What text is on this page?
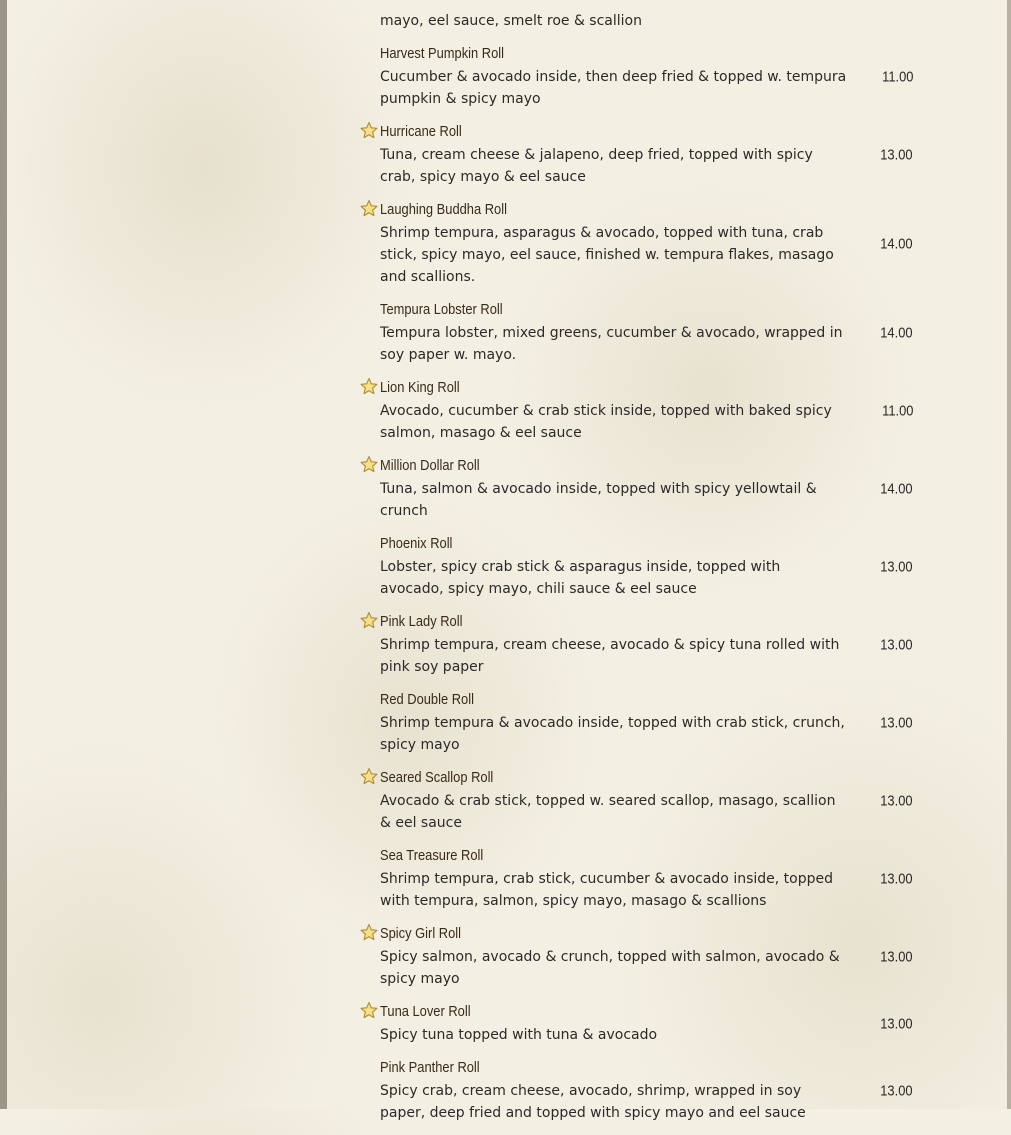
mayo, eel sauce, smelt roe & scallion
Harvest Pumpkin Roll
Cucumber & avocado inside, then deep fried & topped w. tempura pumpkin & spicy mayo
11.00
Hurricane Roll
Tuna, cream cheese & jalapeno, deep fried, topped with spicy crab, spicy mayo & eel sauce
13.00
Laughing Buddha Roll
Shrimp tempura, asparagus & avocado, topped with tuna, crab stick, spicy mayo, eel sauce, finished w. tempura flakes, masago and scallions.
14.00
Tempura Lobster Roll
Tempura lobster, mixed greens, cucumber & avocado, wrapped in soy paper w. mayo.
14.00
Lion King Roll
Avocado, cucumber & crab stick inside, topped with baked spicy salmon, masago & eel sauce
11.00
Million Dollar Roll
Tuna, salmon & avocado inside, topped with spicy yellowtail & crunch
14.00
Phoenix Roll
Lobster, spicy crab stick & asparagus inside, topped with avocado, spicy mayo, chili sauce & eel sauce
13.00
Pink Lady Roll
Shrimp tempura, cream cheese, avocado & spicy tuna rolled with pink soy paper
13.00
Red Double Roll
Shrimp tempura & avocado inside, topped with crab stick, crunch, spicy mayo
13.00
Seared Scallop Roll
Avocado & crab stick, topped w. seared scallop, masago, scallion & eel sauce
13.00
Sea Treasure Roll
Shrimp tempura, crab stick, cucumber & avocado inside, topped with tempura, salmon, spicy mayo, masago & scallions
13.00
Spicy Girl Roll
Spicy salmon, avocado & crunch, topped with salmon, avocado & spicy mayo
13.00
Tuna Lover Roll
Spicy tuna topped with tuna & avocado
13.00
Pink Panther Roll
Spicy crab, cream cheese, avocado, shrimp, wrapped in soy paper, deep fried and topped with spicy mayo and eel sauce
13.00
